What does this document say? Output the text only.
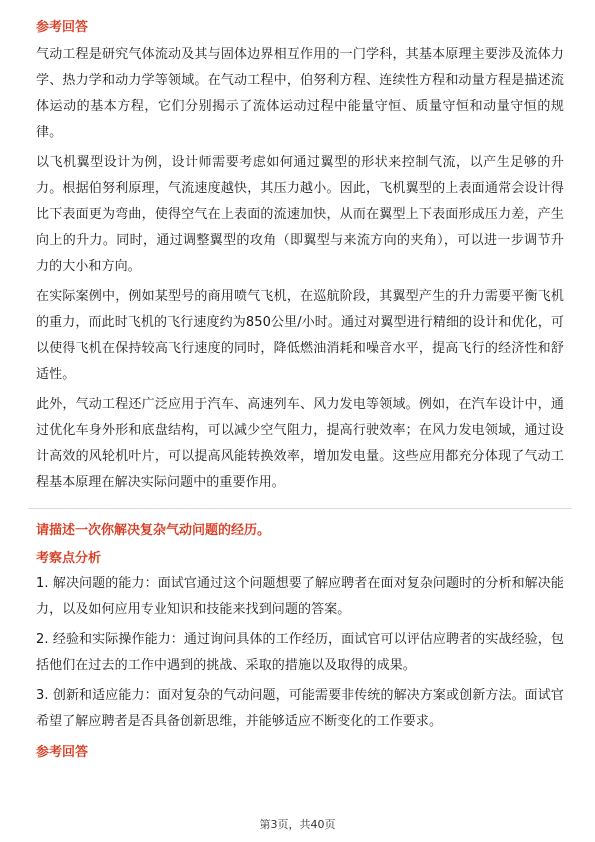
参考回答

气动工程是研究气体流动及其与固体边界相互作用的一门学科，其基本原理主要涉及流体力学、热力学和动力学等领域。在气动工程中，伯努利方程、连续性方程和动量方程是描述流体运动的基本方程，它们分别揭示了流体运动过程中能量守恒、质量守恒和动量守恒的规律。

以飞机翼型设计为例，设计师需要考虑如何通过翼型的形状来控制气流，以产生足够的升力。根据伯努利原理，气流速度越快，其压力越小。因此，飞机翼型的上表面通常会设计得比下表面更为弯曲，使得空气在上表面的流速加快，从而在翼型上下表面形成压力差，产生向上的升力。同时，通过调整翼型的攻角（即翼型与来流方向的夹角），可以进一步调节升力的大小和方向。

在实际案例中，例如某型号的商用喷气飞机，在巡航阶段，其翼型产生的升力需要平衡飞机的重力，而此时飞机的飞行速度约为850公里/小时。通过对翼型进行精细的设计和优化，可以使得飞机在保持较高飞行速度的同时，降低燃油消耗和噪音水平，提高飞行的经济性和舒适性。

此外，气动工程还广泛应用于汽车、高速列车、风力发电等领域。例如，在汽车设计中，通过优化车身外形和底盘结构，可以减少空气阻力，提高行驶效率；在风力发电领域，通过设计高效的风轮机叶片，可以提高风能转换效率，增加发电量。这些应用都充分体现了气动工程基本原理在解决实际问题中的重要作用。

请描述一次你解决复杂气动问题的经历。

考察点分析

1. 解决问题的能力：面试官通过这个问题想要了解应聘者在面对复杂问题时的分析和解决能力，以及如何应用专业知识和技能来找到问题的答案。

2. 经验和实际操作能力：通过询问具体的工作经历，面试官可以评估应聘者的实战经验，包括他们在过去的工作中遇到的挑战、采取的措施以及取得的成果。

3. 创新和适应能力：面对复杂的气动问题，可能需要非传统的解决方案或创新方法。面试官希望了解应聘者是否具备创新思维，并能够适应不断变化的工作要求。

参考回答

第3页，共40页
